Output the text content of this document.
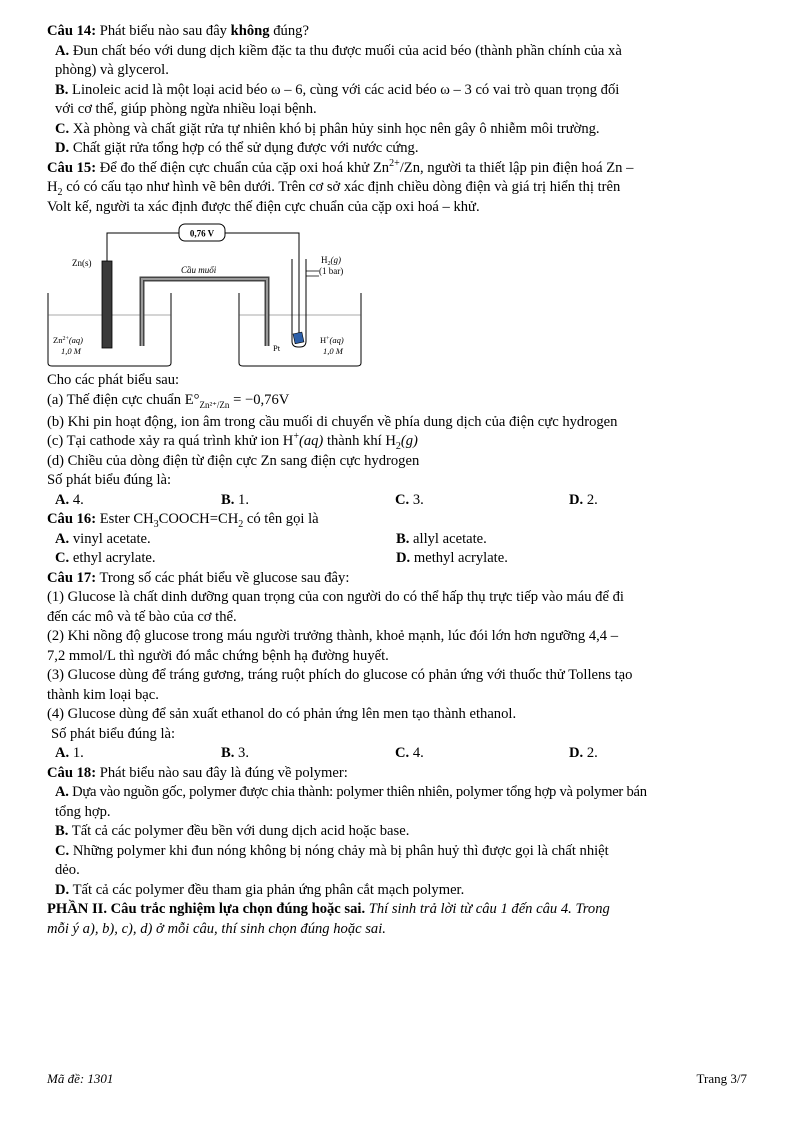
Câu 14: Phát biểu nào sau đây không đúng?
A. Đun chất béo với dung dịch kiềm đặc ta thu được muối của acid béo (thành phần chính của xà
phòng) và glycerol.
B. Linoleic acid là một loại acid béo ω – 6, cùng với các acid béo ω – 3 có vai trò quan trọng đối
với cơ thể, giúp phòng ngừa nhiều loại bệnh.
C. Xà phòng và chất giặt rửa tự nhiên khó bị phân hủy sinh học nên gây ô nhiễm môi trường.
D. Chất giặt rửa tổng hợp có thể sử dụng được với nước cứng.
Câu 15: Để đo thế điện cực chuẩn của cặp oxi hoá khử $Zn^{2+}/Zn$, người ta thiết lập pin điện hoá Zn –
$H_2$ có có cấu tạo như hình vẽ bên dưới. Trên cơ sở xác định chiều dòng điện và giá trị hiển thị trên
Volt kế, người ta xác định được thế điện cực chuẩn của cặp oxi hoá – khử.
0,76 V
Zn(s)
Cầu muối
$H_2(g)$
(1 bar)
$Zn^{2+}(aq)$
1,0 M	Pt
H+(aq)
1,0 M
Cho các phát biểu sau:
(a) Thế điện cực chuẩn $E^\circ_{Zn^{2+}/Zn} = -0,76V$
(b) Khi pin hoạt động, ion âm trong cầu muối di chuyển về phía dung dịch của điện cực hydrogen
(c) Tại cathode xảy ra quá trình khử ion H+(aq) thành khí $H_2(g)$
(d) Chiều của dòng điện từ điện cực Zn sang điện cực hydrogen
Số phát biểu đúng là:
A. 4.	B. 1.	C. 3.	D. 2.
Câu 16: Ester $CH_3COOCH=CH_2$ có tên gọi là
A. vinyl acetate.	B. allyl acetate.
C. ethyl acrylate.	D. methyl acrylate.
Câu 17: Trong số các phát biểu về glucose sau đây:
(1) Glucose là chất dinh dưỡng quan trọng của con người do có thể hấp thụ trực tiếp vào máu để đi
đến các mô và tế bào của cơ thể.
(2) Khi nồng độ glucose trong máu người trưởng thành, khoẻ mạnh, lúc đói lớn hơn ngưỡng 4,4 –
7,2 mmol/L thì người đó mắc chứng bệnh hạ đường huyết.
(3) Glucose dùng để tráng gương, tráng ruột phích do glucose có phản ứng với thuốc thử Tollens tạo
thành kim loại bạc.
(4) Glucose dùng để sản xuất ethanol do có phản ứng lên men tạo thành ethanol.
Số phát biểu đúng là:
A. 1.	B. 3.	C. 4.	D. 2.
Câu 18: Phát biểu nào sau đây là đúng về polymer:
A. Dựa vào nguồn gốc, polymer được chia thành: polymer thiên nhiên, polymer tổng hợp và polymer bán
tổng hợp.
B. Tất cả các polymer đều bền với dung dịch acid hoặc base.
C. Những polymer khi đun nóng không bị nóng chảy mà bị phân huỷ thì được gọi là chất nhiệt
dẻo.
D. Tất cả các polymer đều tham gia phản ứng phân cắt mạch polymer.
PHẦN II. Câu trắc nghiệm lựa chọn đúng hoặc sai. Thí sinh trả lời từ câu 1 đến câu 4. Trong
mỗi ý a), b), c), d) ở mỗi câu, thí sinh chọn đúng hoặc sai.
Mã đề: 1301	Trang 3/7
